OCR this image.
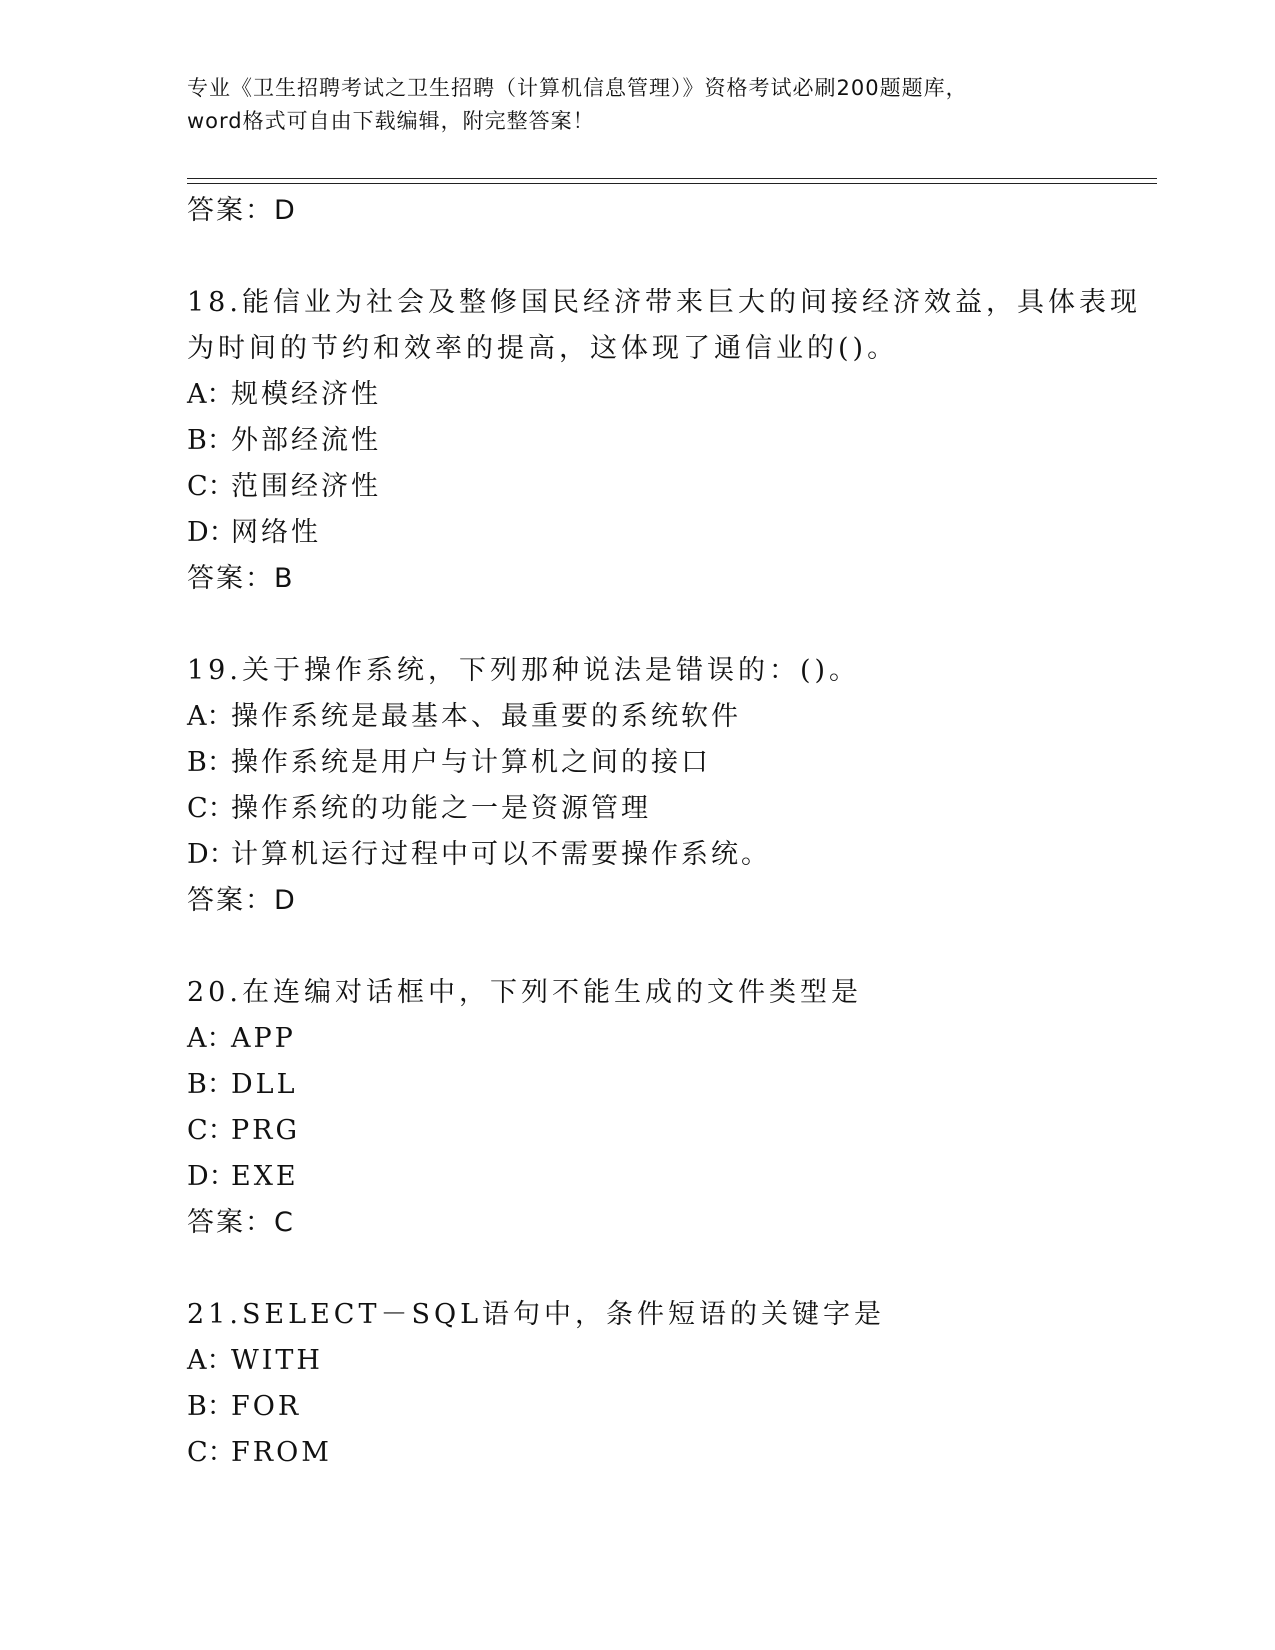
专业《卫生招聘考试之卫生招聘（计算机信息管理）》资格考试必刷200题题库，
word格式可自由下载编辑，附完整答案！
答案：D
18.能信业为社会及整修国民经济带来巨大的间接经济效益，具体表现
为时间的节约和效率的提高，这体现了通信业的()。
A：规模经济性
B：外部经流性
C：范围经济性
D：网络性
答案：B
19.关于操作系统，下列那种说法是错误的：()。
A：操作系统是最基本、最重要的系统软件
B：操作系统是用户与计算机之间的接口
C：操作系统的功能之一是资源管理
D：计算机运行过程中可以不需要操作系统。
答案：D
20.在连编对话框中，下列不能生成的文件类型是
A：APP
B：DLL
C：PRG
D：EXE
答案：C
21.SELECT－SQL语句中，条件短语的关键字是
A：WITH
B：FOR
C：FROM
